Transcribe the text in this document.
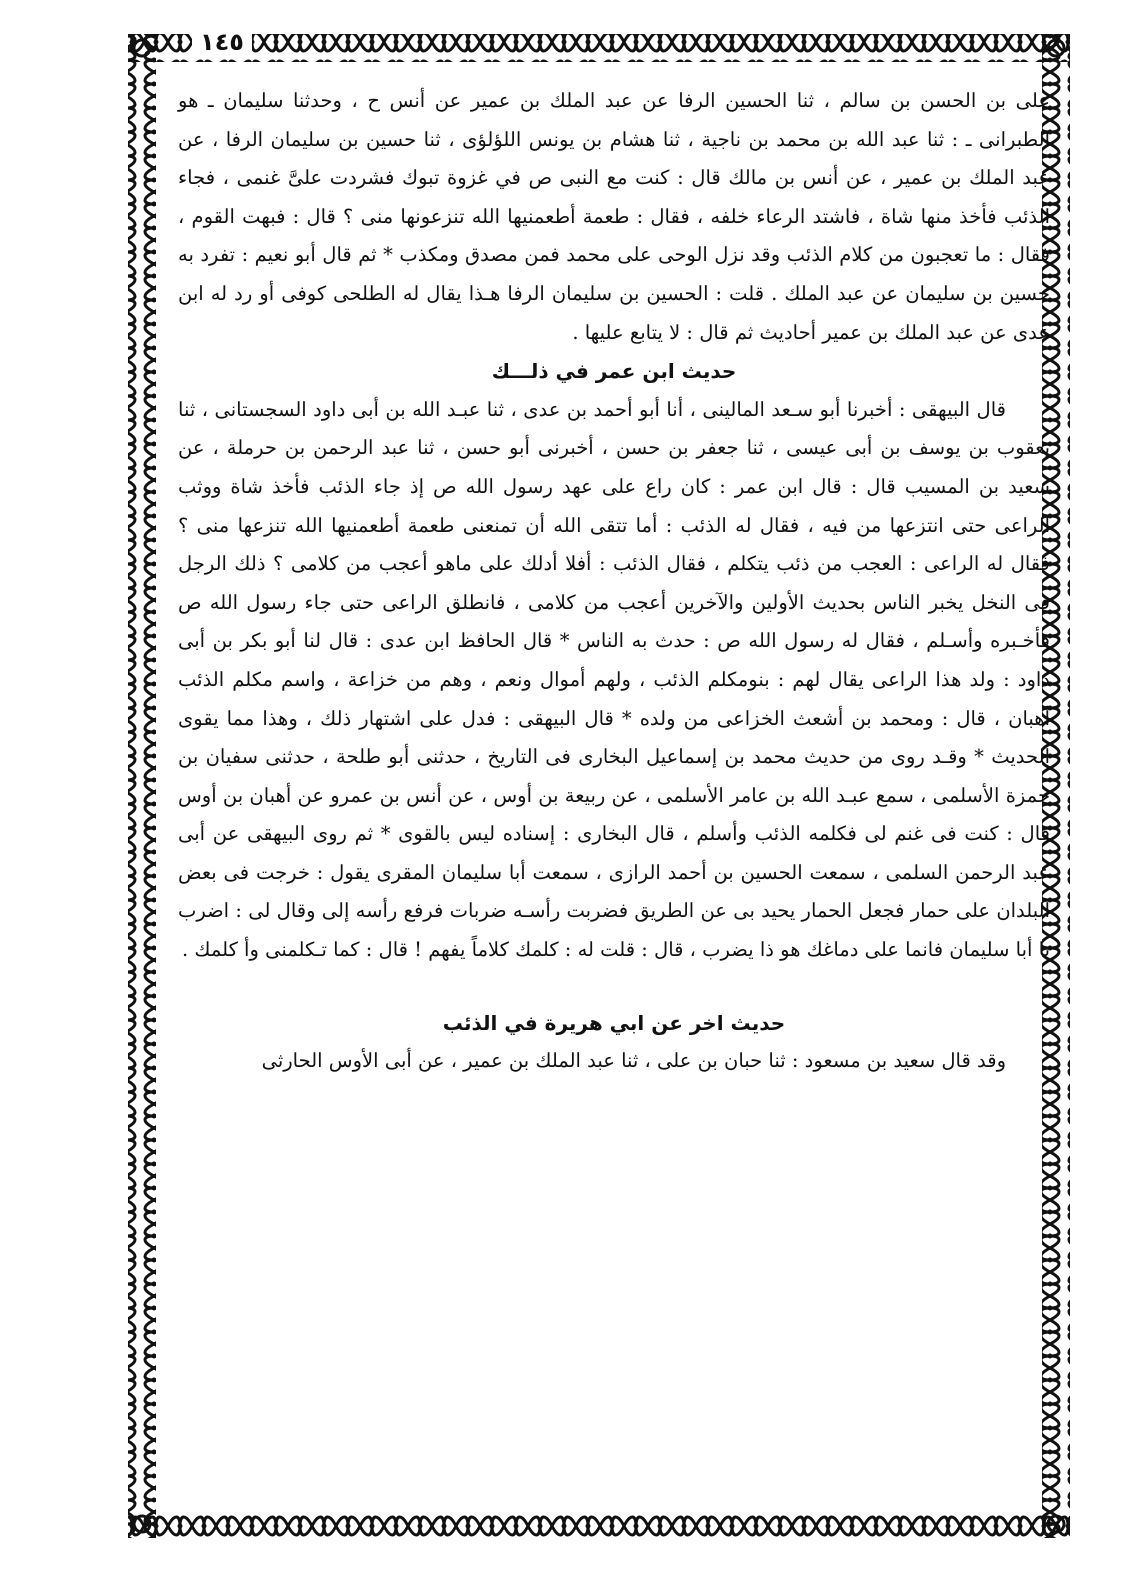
١٤٥

على بن الحسن بن سالم ، ثنا الحسين الرفا عن عبد الملك بن عمير عن أنس ح ، وحدثنا سليمان ـ هو الطبرانى ـ : ثنا عبد الله بن محمد بن ناجية ، ثنا هشام بن يونس اللؤلؤى ، ثنا حسين بن سليمان الرفا ، عن عبد الملك بن عمير ، عن أنس بن مالك قال : كنت مع النبى ص في غزوة تبوك فشردت علىَّ غنمى ، فجاء الذئب فأخذ منها شاة ، فاشتد الرعاء خلفه ، فقال : طعمة أطعمنيها الله تنزعونها منى ؟ قال : فبهت القوم ، فقال : ما تعجبون من كلام الذئب وقد نزل الوحى على محمد فمن مصدق ومكذب * ثم قال أبو نعيم : تفرد به حسين بن سليمان عن عبد الملك . قلت : الحسين بن سليمان الرفا هـذا يقال له الطلحى كوفى أو رد له ابن عدى عن عبد الملك بن عمير أحاديث ثم قال : لا يتابع عليها .

حديث ابن عمر في ذلـــك

قال البيهقى : أخبرنا أبو سـعد المالينى ، أنا أبو أحمد بن عدى ، ثنا عبـد الله بن أبى داود السجستانى ، ثنا يعقوب بن يوسف بن أبى عيسى ، ثنا جعفر بن حسن ، أخبرنى أبو حسن ، ثنا عبد الرحمن بن حرملة ، عن سعيد بن المسيب قال : قال ابن عمر : كان راع على عهد رسول الله ص إذ جاء الذئب فأخذ شاة ووثب الراعى حتى انتزعها من فيه ، فقال له الذئب : أما تتقى الله أن تمنعنى طعمة أطعمنيها الله تنزعها منى ؟ فقال له الراعى : العجب من ذئب يتكلم ، فقال الذئب : أفلا أدلك على ماهو أعجب من كلامى ؟ ذلك الرجل فى النخل يخبر الناس بحديث الأولين والآخرين أعجب من كلامى ، فانطلق الراعى حتى جاء رسول الله ص فأخـبره وأسـلم ، فقال له رسول الله ص : حدث به الناس * قال الحافظ ابن عدى : قال لنا أبو بكر بن أبى داود : ولد هذا الراعى يقال لهم : بنومكلم الذئب ، ولهم أموال ونعم ، وهم من خزاعة ، واسم مكلم الذئب أهبان ، قال : ومحمد بن أشعث الخزاعى من ولده * قال البيهقى : فدل على اشتهار ذلك ، وهذا مما يقوى الحديث * وقـد روى من حديث محمد بن إسماعيل البخارى فى التاريخ ، حدثنى أبو طلحة ، حدثنى سفيان بن حمزة الأسلمى ، سمع عبـد الله بن عامر الأسلمى ، عن ربيعة بن أوس ، عن أنس بن عمرو عن أهبان بن أوس قال : كنت فى غنم لى فكلمه الذئب وأسلم ، قال البخارى : إسناده ليس بالقوى * ثم روى البيهقى عن أبى عبد الرحمن السلمى ، سمعت الحسين بن أحمد الرازى ، سمعت أبا سليمان المقرى يقول : خرجت فى بعض البلدان على حمار فجعل الحمار يحيد بى عن الطريق فضربت رأسـه ضربات فرفع رأسه إلى وقال لى : اضرب يا أبا سليمان فانما على دماغك هو ذا يضرب ، قال : قلت له : كلمك كلاماً يفهم ! قال : كما تـكلمنى وأ كلمك .

حديث اخر عن ابي هريرة في الذئب

وقد قال سعيد بن مسعود : ثنا حبان بن على ، ثنا عبد الملك بن عمير ، عن أبى الأوس الحارثى
